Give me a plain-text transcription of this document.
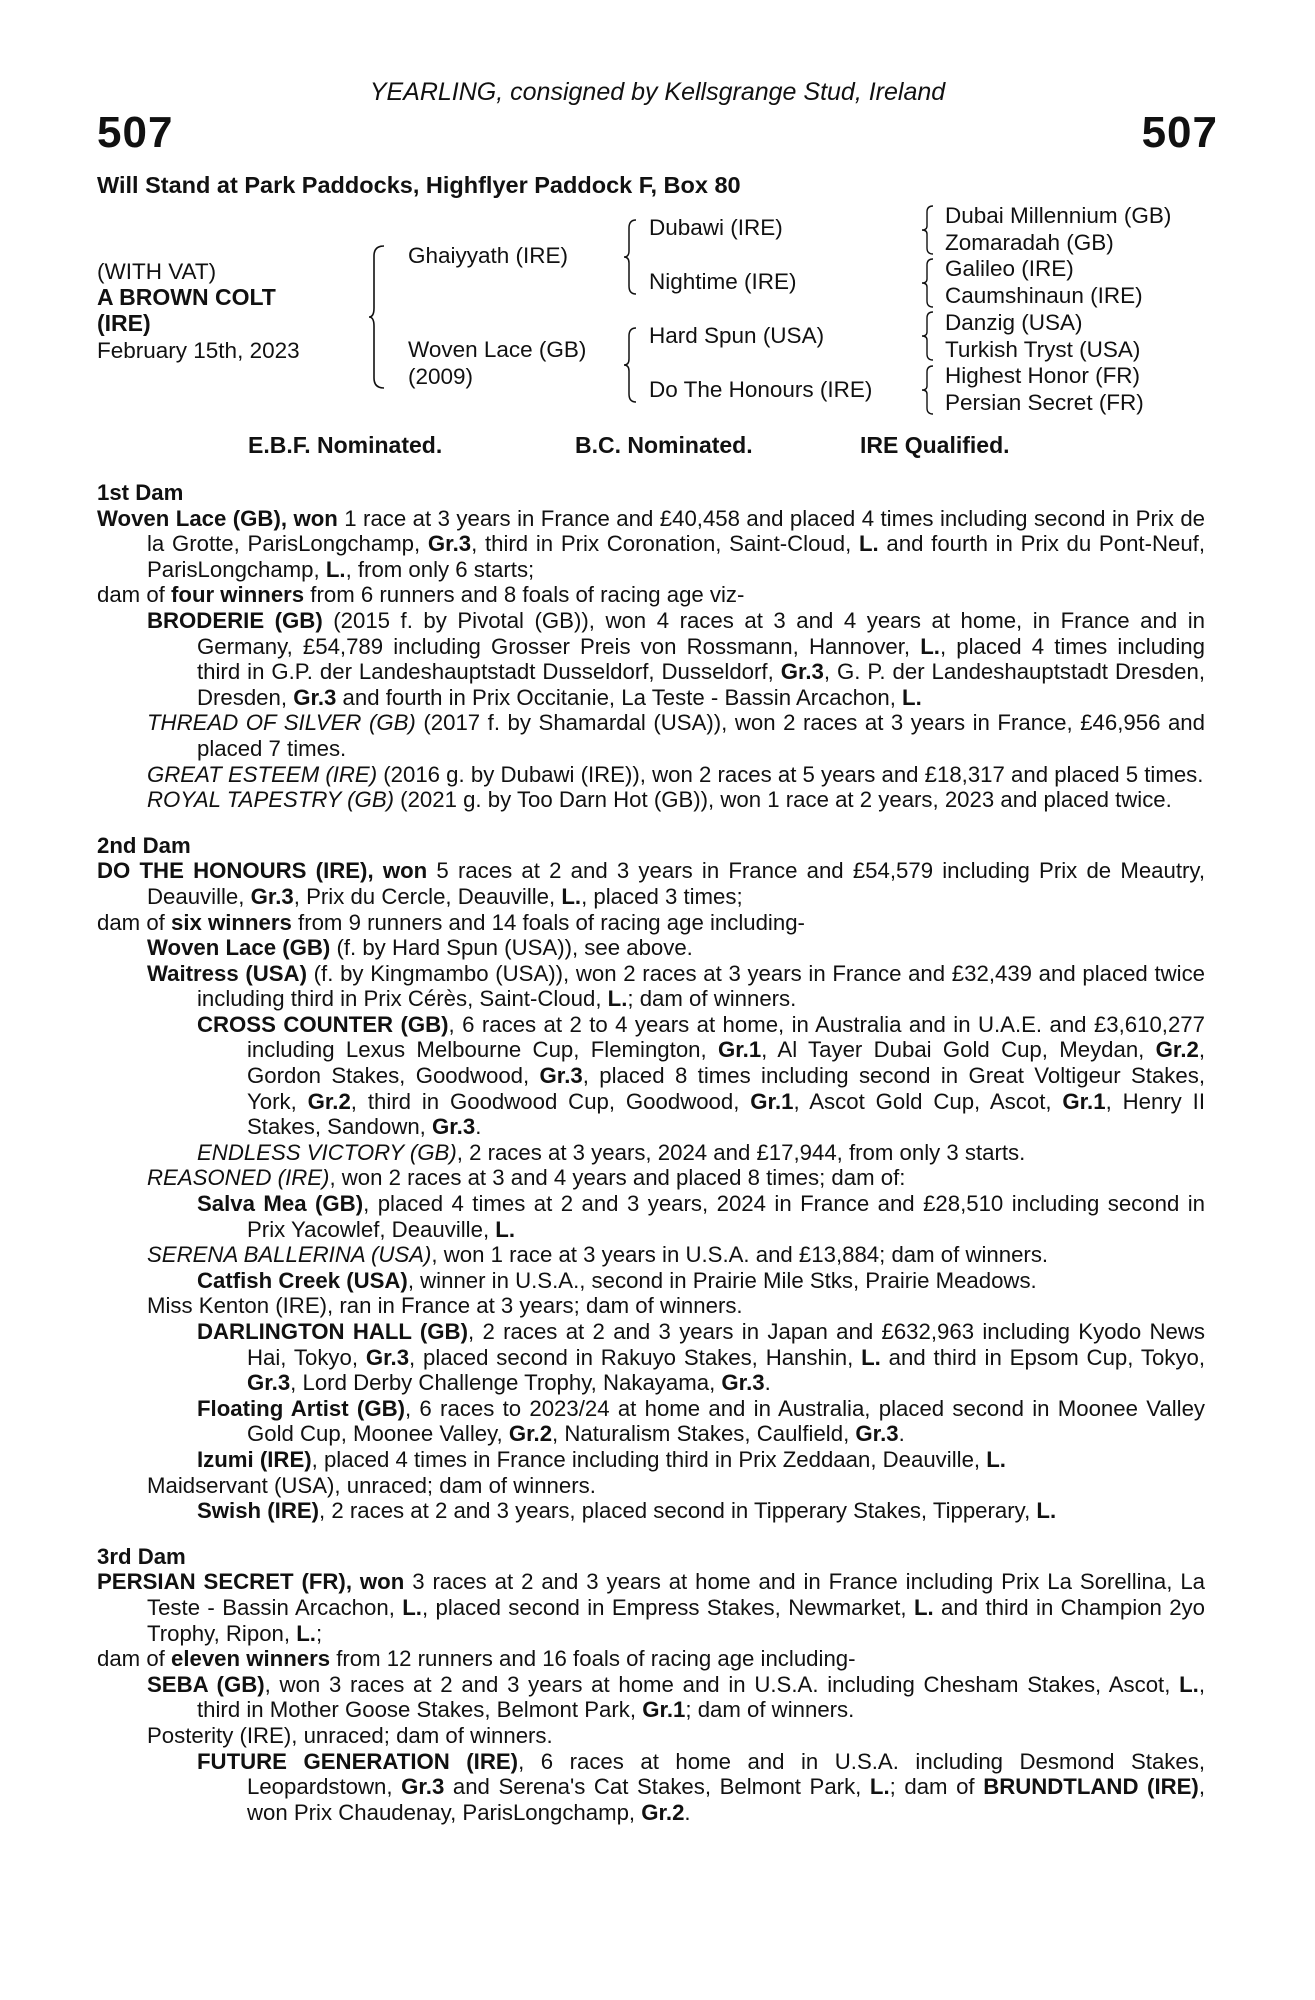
YEARLING, consigned by Kellsgrange Stud, Ireland
507	507
Will Stand at Park Paddocks, Highflyer Paddock F, Box 80
(WITH VAT)
A BROWN COLT
(IRE)
February 15th, 2023
Ghaiyyath (IRE)
Woven Lace (GB)
(2009)
Dubawi (IRE)
Nightime (IRE)
Hard Spun (USA)
Do The Honours (IRE)
Dubai Millennium (GB)
Zomaradah (GB)
Galileo (IRE)
Caumshinaun (IRE)
Danzig (USA)
Turkish Tryst (USA)
Highest Honor (FR)
Persian Secret (FR)
E.B.F. Nominated.	B.C. Nominated.	IRE Qualified.

1st Dam

Woven Lace (GB), won 1 race at 3 years in France and £40,458 and placed 4 times including second in Prix de la Grotte, ParisLongchamp, Gr.3, third in Prix Coronation, Saint-Cloud, L. and fourth in Prix du Pont-Neuf, ParisLongchamp, L., from only 6 starts;

dam of four winners from 6 runners and 8 foals of racing age viz-

BRODERIE (GB) (2015 f. by Pivotal (GB)), won 4 races at 3 and 4 years at home, in France and in Germany, £54,789 including Grosser Preis von Rossmann, Hannover, L., placed 4 times including third in G.P. der Landeshauptstadt Dusseldorf, Dusseldorf, Gr.3, G. P. der Landeshauptstadt Dresden, Dresden, Gr.3 and fourth in Prix Occitanie, La Teste - Bassin Arcachon, L.

THREAD OF SILVER (GB) (2017 f. by Shamardal (USA)), won 2 races at 3 years in France, £46,956 and placed 7 times.

GREAT ESTEEM (IRE) (2016 g. by Dubawi (IRE)), won 2 races at 5 years and £18,317 and placed 5 times.

ROYAL TAPESTRY (GB) (2021 g. by Too Darn Hot (GB)), won 1 race at 2 years, 2023 and placed twice.

2nd Dam

DO THE HONOURS (IRE), won 5 races at 2 and 3 years in France and £54,579 including Prix de Meautry, Deauville, Gr.3, Prix du Cercle, Deauville, L., placed 3 times;

dam of six winners from 9 runners and 14 foals of racing age including-

Woven Lace (GB) (f. by Hard Spun (USA)), see above.

Waitress (USA) (f. by Kingmambo (USA)), won 2 races at 3 years in France and £32,439 and placed twice including third in Prix Cérès, Saint-Cloud, L.; dam of winners.

CROSS COUNTER (GB), 6 races at 2 to 4 years at home, in Australia and in U.A.E. and £3,610,277 including Lexus Melbourne Cup, Flemington, Gr.1, Al Tayer Dubai Gold Cup, Meydan, Gr.2, Gordon Stakes, Goodwood, Gr.3, placed 8 times including second in Great Voltigeur Stakes, York, Gr.2, third in Goodwood Cup, Goodwood, Gr.1, Ascot Gold Cup, Ascot, Gr.1, Henry II Stakes, Sandown, Gr.3.

ENDLESS VICTORY (GB), 2 races at 3 years, 2024 and £17,944, from only 3 starts.

REASONED (IRE), won 2 races at 3 and 4 years and placed 8 times; dam of:

Salva Mea (GB), placed 4 times at 2 and 3 years, 2024 in France and £28,510 including second in Prix Yacowlef, Deauville, L.

SERENA BALLERINA (USA), won 1 race at 3 years in U.S.A. and £13,884; dam of winners.

Catfish Creek (USA), winner in U.S.A., second in Prairie Mile Stks, Prairie Meadows.

Miss Kenton (IRE), ran in France at 3 years; dam of winners.

DARLINGTON HALL (GB), 2 races at 2 and 3 years in Japan and £632,963 including Kyodo News Hai, Tokyo, Gr.3, placed second in Rakuyo Stakes, Hanshin, L. and third in Epsom Cup, Tokyo, Gr.3, Lord Derby Challenge Trophy, Nakayama, Gr.3.

Floating Artist (GB), 6 races to 2023/24 at home and in Australia, placed second in Moonee Valley Gold Cup, Moonee Valley, Gr.2, Naturalism Stakes, Caulfield, Gr.3.

Izumi (IRE), placed 4 times in France including third in Prix Zeddaan, Deauville, L.

Maidservant (USA), unraced; dam of winners.

Swish (IRE), 2 races at 2 and 3 years, placed second in Tipperary Stakes, Tipperary, L.

3rd Dam

PERSIAN SECRET (FR), won 3 races at 2 and 3 years at home and in France including Prix La Sorellina, La Teste - Bassin Arcachon, L., placed second in Empress Stakes, Newmarket, L. and third in Champion 2yo Trophy, Ripon, L.;

dam of eleven winners from 12 runners and 16 foals of racing age including-

SEBA (GB), won 3 races at 2 and 3 years at home and in U.S.A. including Chesham Stakes, Ascot, L., third in Mother Goose Stakes, Belmont Park, Gr.1; dam of winners.

Posterity (IRE), unraced; dam of winners.

FUTURE GENERATION (IRE), 6 races at home and in U.S.A. including Desmond Stakes, Leopardstown, Gr.3 and Serena's Cat Stakes, Belmont Park, L.; dam of BRUNDTLAND (IRE), won Prix Chaudenay, ParisLongchamp, Gr.2.
